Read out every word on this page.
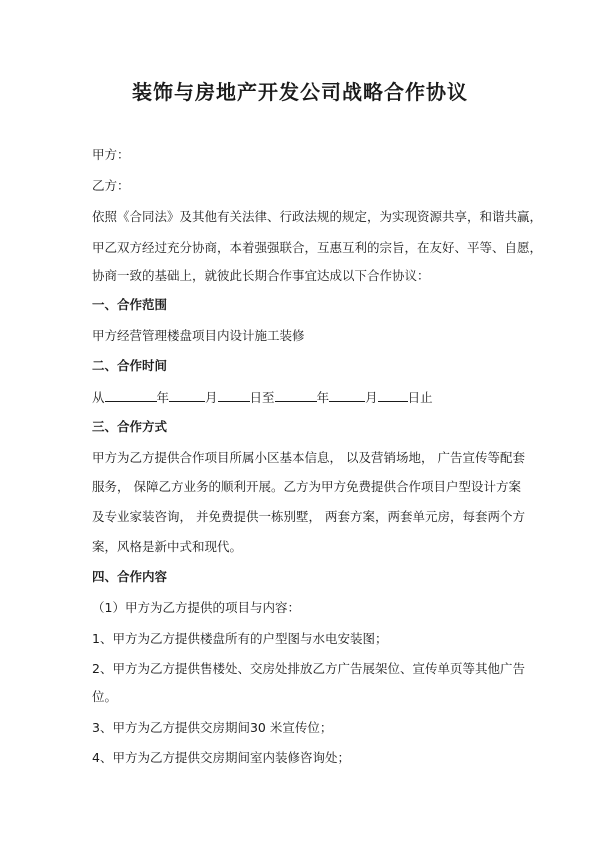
装饰与房地产开发公司战略合作协议
甲方：
乙方：
依照《合同法》及其他有关法律、行政法规的规定，为实现资源共享，和谐共赢，
甲乙双方经过充分协商，本着强强联合，互惠互利的宗旨，在友好、平等、自愿，
协商一致的基础上，就彼此长期合作事宜达成以下合作协议：
一、合作范围
甲方经营管理楼盘项目内设计施工装修
二、合作时间
从	年	月	日至	年	月 日止
三、合作方式
甲方为乙方提供合作项目所属小区基本信息， 以及营销场地， 广告宣传等配套
服务， 保障乙方业务的顺利开展。乙方为甲方免费提供合作项目户型设计方案
及专业家装咨询， 并免费提供一栋别墅， 两套方案，两套单元房，每套两个方
案，风格是新中式和现代。
四、合作内容
（1）甲方为乙方提供的项目与内容：
1、甲方为乙方提供楼盘所有的户型图与水电安装图；
2、甲方为乙方提供售楼处、交房处排放乙方广告展架位、宣传单页等其他广告
位。
3、甲方为乙方提供交房期间30 米宣传位；
4、甲方为乙方提供交房期间室内装修咨询处；
